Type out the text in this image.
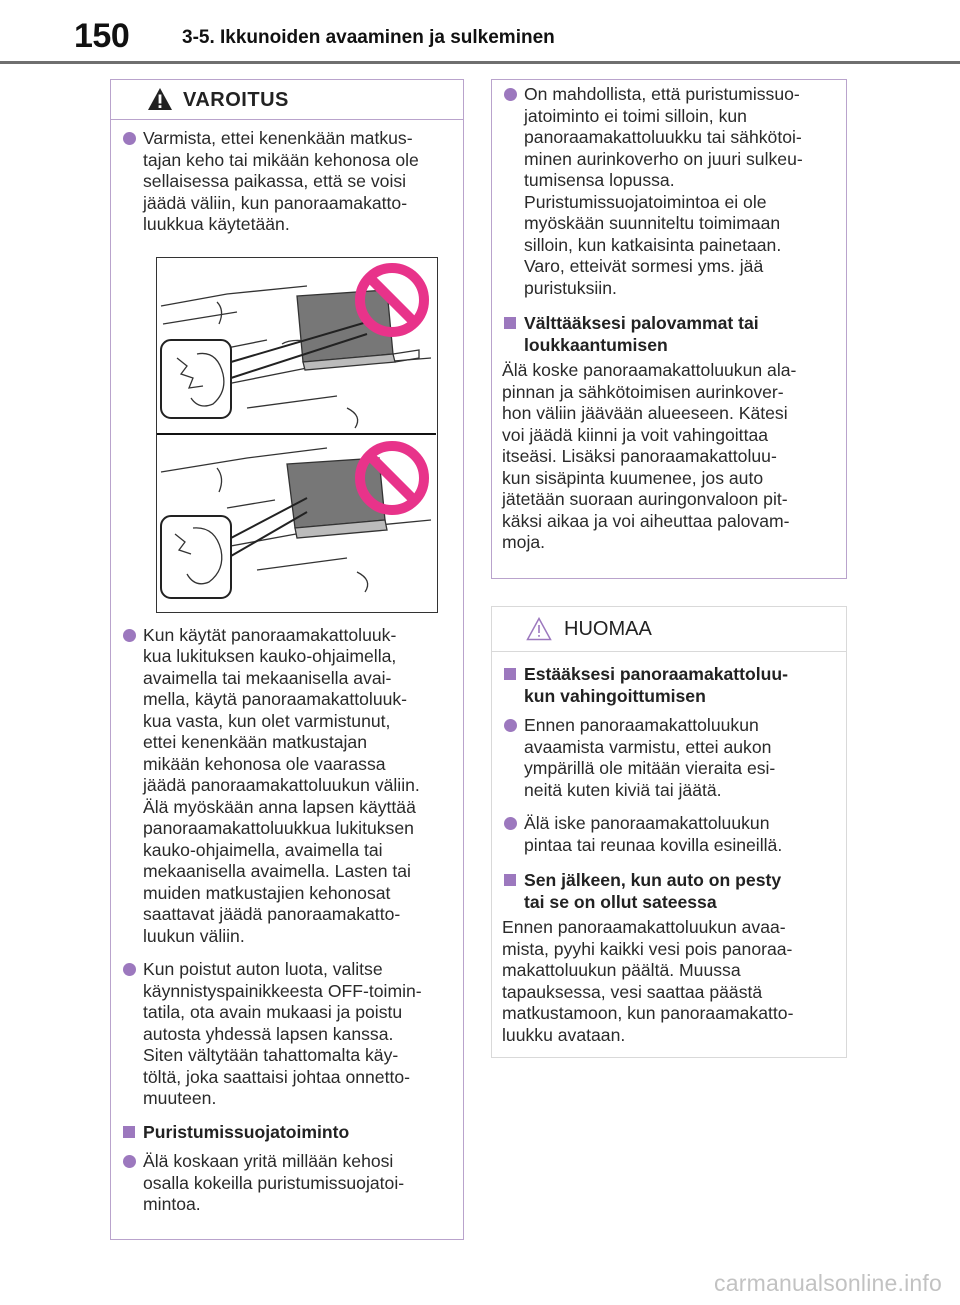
150	3-5. Ikkunoiden avaaminen ja sulkeminen
VAROITUS
Varmista, ettei kenenkään matkus-
tajan keho tai mikään kehonosa ole
sellaisessa paikassa, että se voisi
jäädä väliin, kun panoraamakatto-
luukkua käytetään.
Kun käytät panoraamakattoluuk-
kua lukituksen kauko-ohjaimella,
avaimella tai mekaanisella avai-
mella, käytä panoraamakattoluuk-
kua vasta, kun olet varmistunut,
ettei kenenkään matkustajan
mikään kehonosa ole vaarassa
jäädä panoraamakattoluukun väliin.
Älä myöskään anna lapsen käyttää
panoraamakattoluukkua lukituksen
kauko-ohjaimella, avaimella tai
mekaanisella avaimella. Lasten tai
muiden matkustajien kehonosat
saattavat jäädä panoraamakatto-
luukun väliin.
Kun poistut auton luota, valitse
käynnistyspainikkeesta OFF-toimin-
tatila, ota avain mukaasi ja poistu
autosta yhdessä lapsen kanssa.
Siten vältytään tahattomalta käy-
töltä, joka saattaisi johtaa onnetto-
muuteen.
Puristumissuojatoiminto
Älä koskaan yritä millään kehosi
osalla kokeilla puristumissuojatoi-
mintoa.
On mahdollista, että puristumissuo-
jatoiminto ei toimi silloin, kun
panoraamakattoluukku tai sähkötoi-
minen aurinkoverho on juuri sulkeu-
tumisensa lopussa.
Puristumissuojatoimintoa ei ole
myöskään suunniteltu toimimaan
silloin, kun katkaisinta painetaan.
Varo, etteivät sormesi yms. jää
puristuksiin.
Välttääksesi palovammat tai
loukkaantumisen
Älä koske panoraamakattoluukun ala-
pinnan ja sähkötoimisen aurinkover-
hon väliin jäävään alueeseen. Kätesi
voi jäädä kiinni ja voit vahingoittaa
itseäsi. Lisäksi panoraamakattoluu-
kun sisäpinta kuumenee, jos auto
jätetään suoraan auringonvaloon pit-
käksi aikaa ja voi aiheuttaa palovam-
moja.
HUOMAA
Estääksesi panoraamakattoluu-
kun vahingoittumisen
Ennen panoraamakattoluukun
avaamista varmistu, ettei aukon
ympärillä ole mitään vieraita esi-
neitä kuten kiviä tai jäätä.
Älä iske panoraamakattoluukun
pintaa tai reunaa kovilla esineillä.
Sen jälkeen, kun auto on pesty
tai se on ollut sateessa
Ennen panoraamakattoluukun avaa-
mista, pyyhi kaikki vesi pois panoraa-
makattoluukun päältä. Muussa
tapauksessa, vesi saattaa päästä
matkustamoon, kun panoraamakatto-
luukku avataan.
carmanualsonline.info
